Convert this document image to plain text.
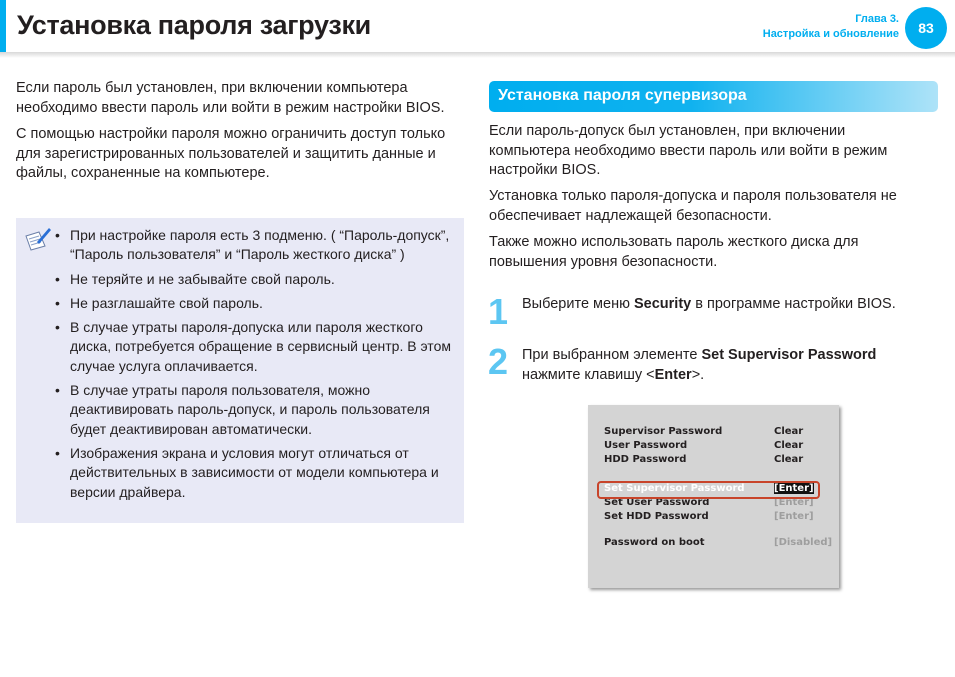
Установка пароля загрузки	Глава 3.
Настройка и обновление	83

Если пароль был установлен, при включении компьютера необходимо ввести пароль или войти в режим настройки BIOS.

С помощью настройки пароля можно ограничить доступ только для зарегистрированных пользователей и защитить данные и файлы, сохраненные на компьютере.

• При настройке пароля есть 3 подменю. ( “Пароль-допуск”, “Пароль пользователя” и “Пароль жесткого диска” )
• Не теряйте и не забывайте свой пароль.
• Не разглашайте свой пароль.
• В случае утраты пароля-допуска или пароля жесткого диска, потребуется обращение в сервисный центр. В этом случае услуга оплачивается.
• В случае утраты пароля пользователя, можно деактивировать пароль-допуск, и пароль пользователя будет деактивирован автоматически.
• Изображения экрана и условия могут отличаться от действительных в зависимости от модели компьютера и версии драйвера.
Установка пароля супервизора

Если пароль-допуск был установлен, при включении компьютера необходимо ввести пароль или войти в режим настройки BIOS.

Установка только пароля-допуска и пароля пользователя не обеспечивает надлежащей безопасности.

Также можно использовать пароль жесткого диска для повышения уровня безопасности.

1 Выберите меню Security в программе настройки BIOS.

2 При выбранном элементе Set Supervisor Password нажмите клавишу <Enter>.

Supervisor Password	Clear
User Password	Clear
HDD Password	Clear
Set Supervisor Password	[Enter]
Set User Password	[Enter]
Set HDD Password	[Enter]
Password on boot	[Disabled]
